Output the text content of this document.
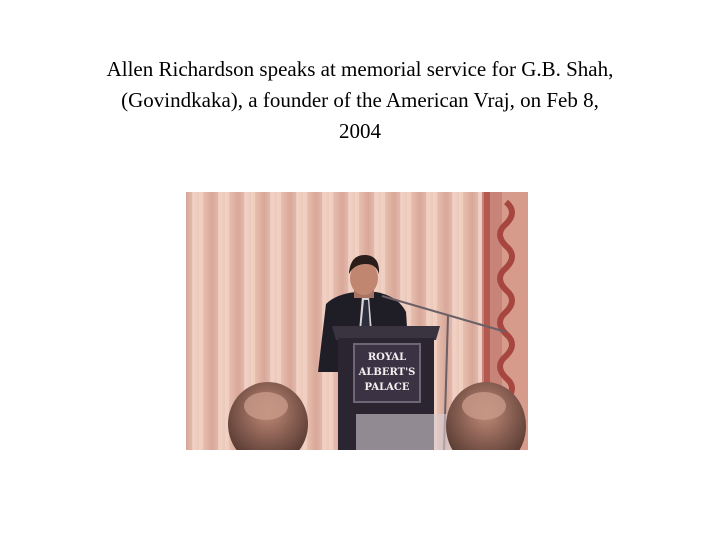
Allen Richardson speaks at memorial service for G.B. Shah,
(Govindkaka), a founder of the American Vraj, on Feb 8,
2004
ROYAL
ALBERT'S
PALACE
